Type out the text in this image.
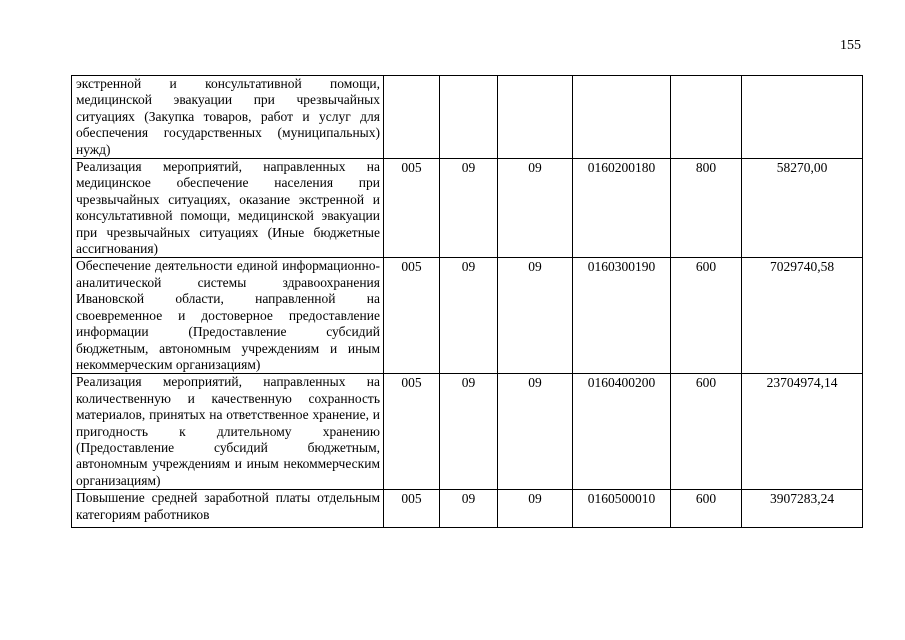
155
экстренной и консультативной помощи, медицинской эвакуации при чрезвычайных ситуациях (Закупка товаров, работ и услуг для обеспечения государственных (муниципальных) нужд)						
Реализация мероприятий, направленных на медицинское обеспечение населения при чрезвычайных ситуациях, оказание экстренной и консультативной помощи, медицинской эвакуации при чрезвычайных ситуациях (Иные бюджетные ассигнования)	005	09	09	0160200180	800	58270,00
Обеспечение деятельности единой информационно-аналитической системы здравоохранения Ивановской области, направленной на своевременное и достоверное предоставление информации (Предоставление субсидий бюджетным, автономным учреждениям и иным некоммерческим организациям)	005	09	09	0160300190	600	7029740,58
Реализация мероприятий, направленных на количественную и качественную сохранность материалов, принятых на ответственное хранение, и пригодность к длительному хранению (Предоставление субсидий бюджетным, автономным учреждениям и иным некоммерческим организациям)	005	09	09	0160400200	600	23704974,14

Повышение средней заработной платы отдельным категориям работников	005	09	09	0160500010	600	3907283,24
